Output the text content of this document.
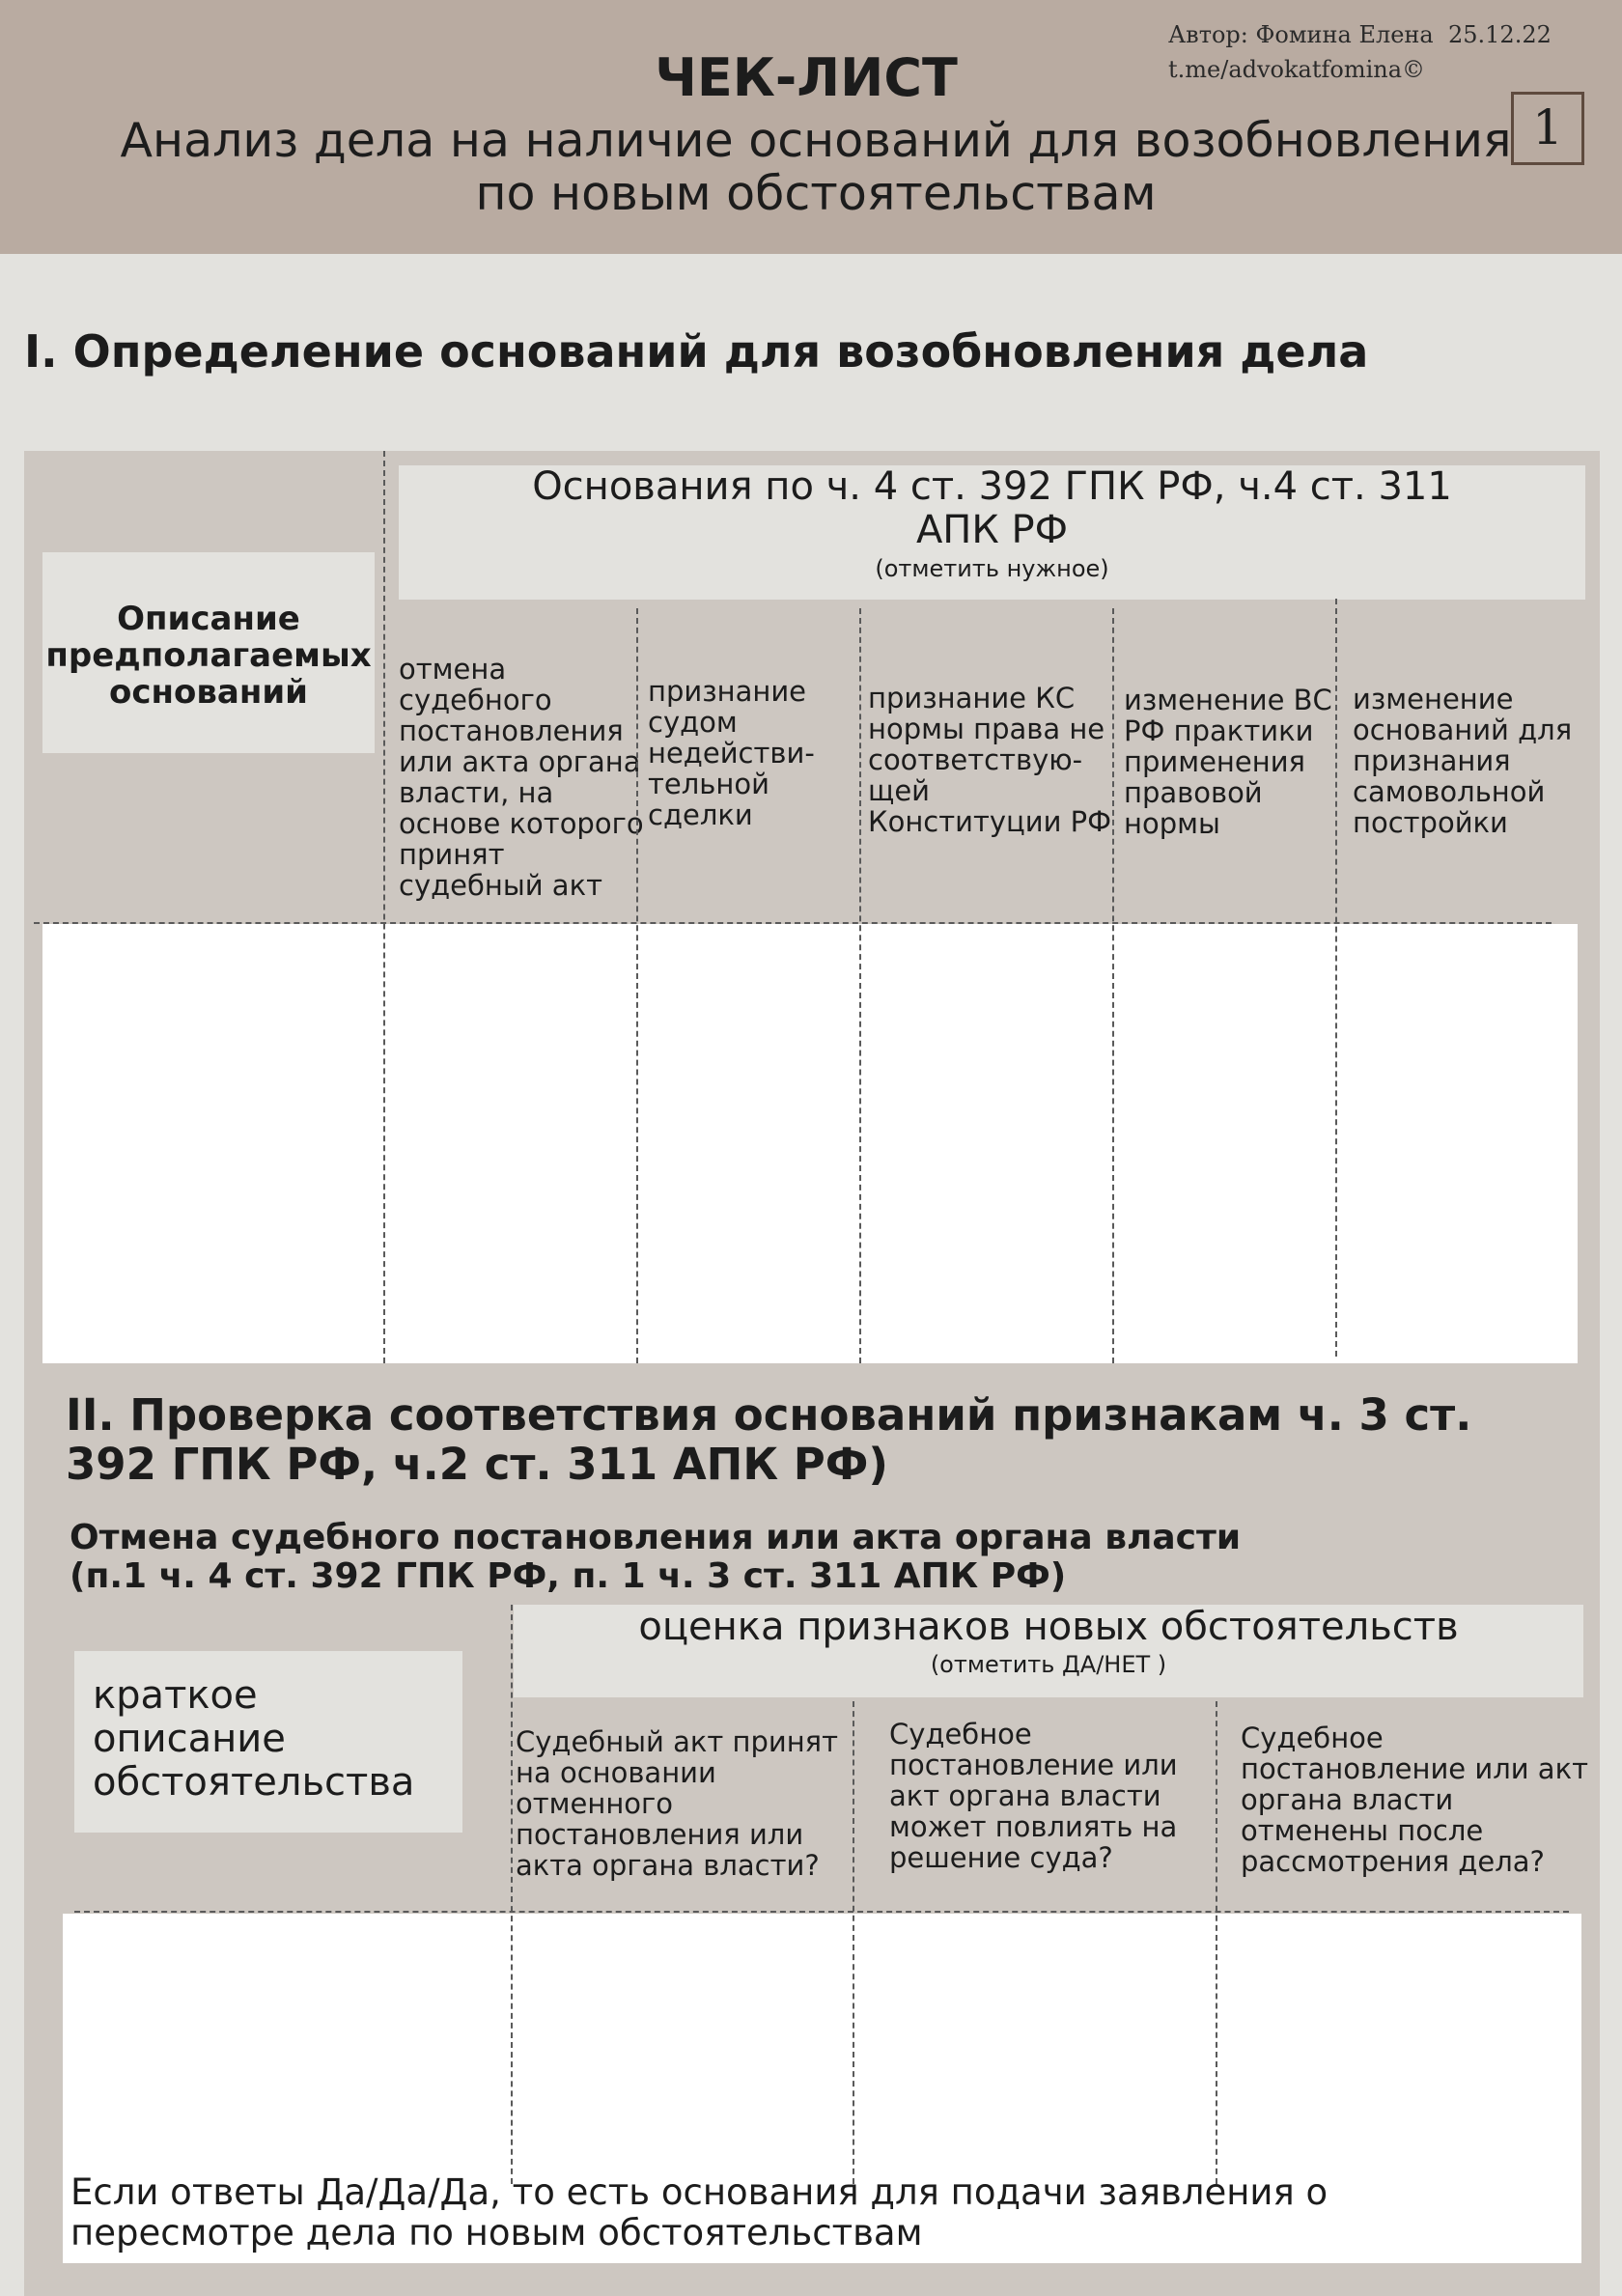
Автор: Фомина Елена  25.12.22
t.me/advokatfomina©
ЧЕК-ЛИСТ
Анализ дела на наличие оснований для возобновления
по новым обстоятельствам
1
I. Определение оснований для возобновления дела
Описание
предполагаемых
оснований
Основания по ч. 4 ст. 392 ГПК РФ, ч.4 ст. 311
АПК РФ
(отметить нужное)
отмена
судебного
постановления
или акта органа
власти, на
основе которого
принят
судебный акт
признание
судом
недействи-
тельной
сделки
признание КС
нормы права не
соответствую-
щей
Конституции РФ
изменение ВС
РФ практики
применения
правовой
нормы
изменение
оснований для
признания
самовольной
постройки
II. Проверка соответствия оснований признакам ч. 3 ст.
392 ГПК РФ, ч.2 ст. 311 АПК РФ)
Отмена судебного постановления или акта органа власти
(п.1 ч. 4 ст. 392 ГПК РФ, п. 1 ч. 3 ст. 311 АПК РФ)
оценка признаков новых обстоятельств
(отметить ДА/НЕТ )
краткое описание
обстоятельства
Судебный акт принят
на основании
отменного
постановления или
акта органа власти?
Судебное
постановление или
акт органа власти
может повлиять на
решение суда?
Судебное
постановление или акт
органа власти
отменены после
рассмотрения дела?
Если ответы Да/Да/Да, то есть основания для подачи заявления о
пересмотре дела по новым обстоятельствам
